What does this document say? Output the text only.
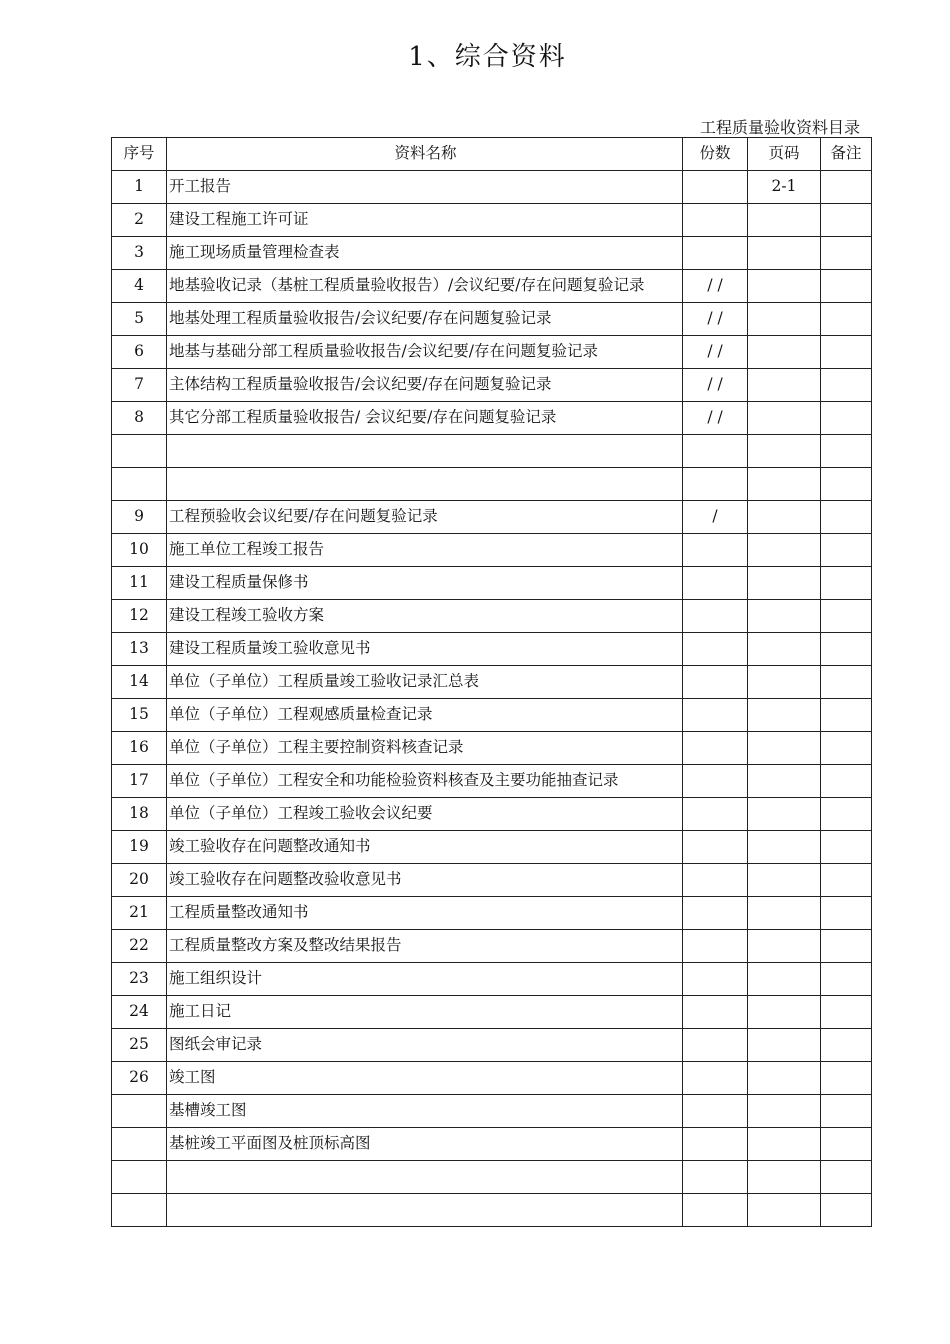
1、综合资料
工程质量验收资料目录
序号	资料名称	份数	页码	备注
1	开工报告		2-1	
2	建设工程施工许可证			
3	施工现场质量管理检查表			
4	地基验收记录（基桩工程质量验收报告）/会议纪要/存在问题复验记录	/ /		
5	地基处理工程质量验收报告/会议纪要/存在问题复验记录	/ /		
6	地基与基础分部工程质量验收报告/会议纪要/存在问题复验记录	/ /		
7	主体结构工程质量验收报告/会议纪要/存在问题复验记录	/ /		
8	其它分部工程质量验收报告/ 会议纪要/存在问题复验记录	/ /		

9	工程预验收会议纪要/存在问题复验记录	/		
10	施工单位工程竣工报告			
11	建设工程质量保修书			
12	建设工程竣工验收方案			
13	建设工程质量竣工验收意见书			
14	单位（子单位）工程质量竣工验收记录汇总表			
15	单位（子单位）工程观感质量检查记录			
16	单位（子单位）工程主要控制资料核查记录			
17	单位（子单位）工程安全和功能检验资料核查及主要功能抽查记录			
18	单位（子单位）工程竣工验收会议纪要			
19	竣工验收存在问题整改通知书			
20	竣工验收存在问题整改验收意见书			
21	工程质量整改通知书			
22	工程质量整改方案及整改结果报告			
23	施工组织设计			
24	施工日记			
25	图纸会审记录			
26	竣工图			
	基槽竣工图			
	基桩竣工平面图及桩顶标高图			
